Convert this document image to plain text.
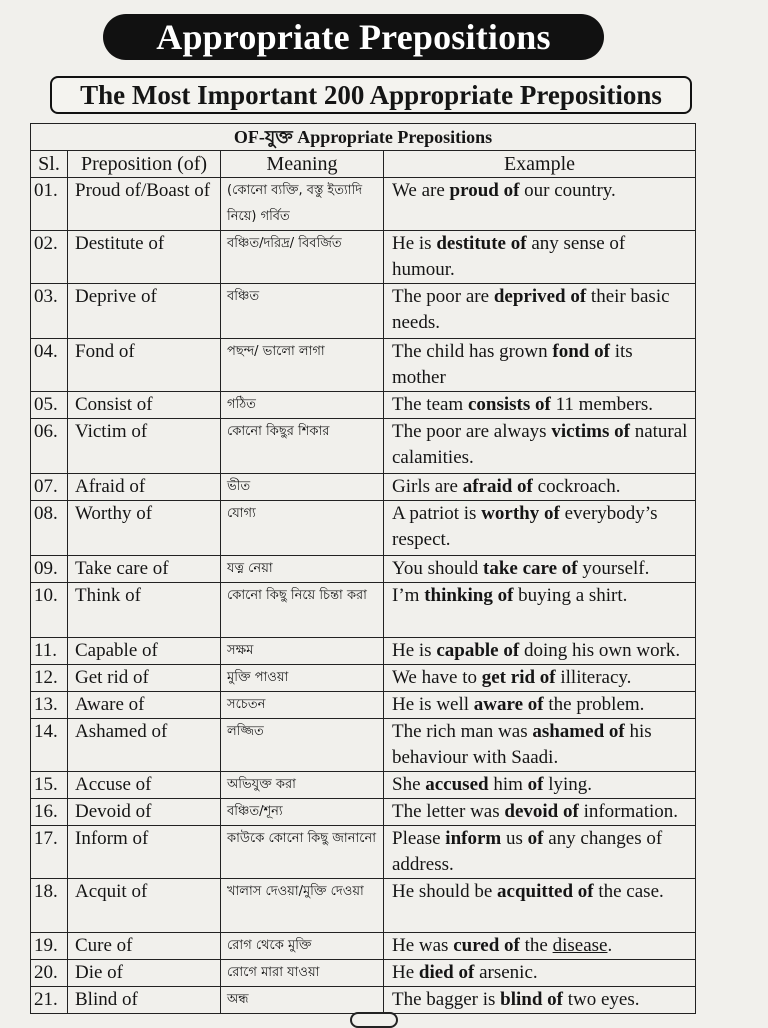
Appropriate Prepositions
The Most Important 200 Appropriate Prepositions
OF-যুক্ত Appropriate Prepositions			
Sl.	Preposition (of)	Meaning	Example
01.	Proud of/Boast of	(কোনো ব্যক্তি, বস্তু ইত্যাদি নিয়ে) গর্বিত	We are proud of our country.
02.	Destitute of	বঞ্চিত/দরিদ্র/ বিবর্জিত	He is destitute of any sense of humour.
03.	Deprive of	বঞ্চিত	The poor are deprived of their basic needs.
04.	Fond of	পছন্দ/ ভালো লাগা	The child has grown fond of its mother
05.	Consist of	গঠিত	The team consists of 11 members.
06.	Victim of	কোনো কিছুর শিকার	The poor are always victims of natural calamities.
07.	Afraid of	ভীত	Girls are afraid of cockroach.
08.	Worthy of	যোগ্য	A patriot is worthy of everybody’s respect.
09.	Take care of	যত্ন নেয়া	You should take care of yourself.
10.	Think of	কোনো কিছু নিয়ে চিন্তা করা	I’m thinking of buying a shirt.
11.	Capable of	সক্ষম	He is capable of doing his own work.
12.	Get rid of	মুক্তি পাওয়া	We have to get rid of illiteracy.
13.	Aware of	সচেতন	He is well aware of the problem.
14.	Ashamed of	লজ্জিত	The rich man was ashamed of his behaviour with Saadi.
15.	Accuse of	অভিযুক্ত করা	She accused him of lying.
16.	Devoid of	বঞ্চিত/শূন্য	The letter was devoid of information.
17.	Inform of	কাউকে কোনো কিছু জানানো	Please inform us of any changes of address.
18.	Acquit of	খালাস দেওয়া/মুক্তি দেওয়া	He should be acquitted of the case.
19.	Cure of	রোগ থেকে মুক্তি	He was cured of the disease.
20.	Die of	রোগে মারা যাওয়া	He died of arsenic.
21.	Blind of	অন্ধ	The bagger is blind of two eyes.
